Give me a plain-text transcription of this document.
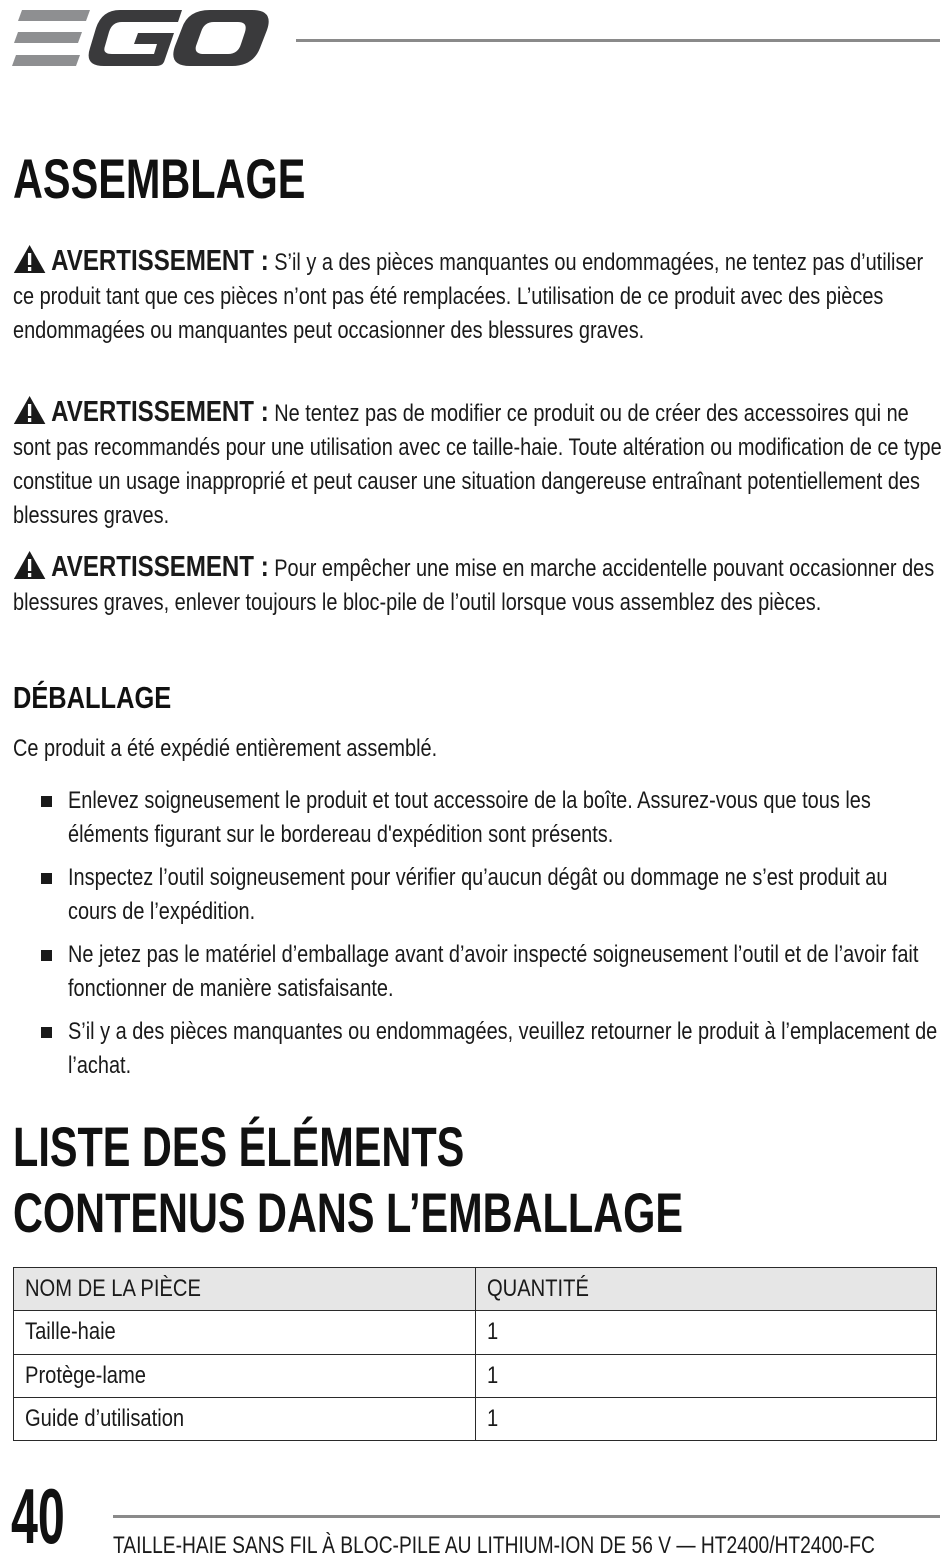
ASSEMBLAGE

AVERTISSEMENT : S’il y a des pièces manquantes ou endommagées, ne tentez pas d’utiliser ce produit tant que ces pièces n’ont pas été remplacées. L’utilisation de ce produit avec des pièces endommagées ou manquantes peut occasionner des blessures graves.

AVERTISSEMENT : Ne tentez pas de modifier ce produit ou de créer des accessoires qui ne sont pas recommandés pour une utilisation avec ce taille-haie. Toute altération ou modification de ce type constitue un usage inapproprié et peut causer une situation dangereuse entraînant potentiellement des blessures graves.

AVERTISSEMENT : Pour empêcher une mise en marche accidentelle pouvant occasionner des blessures graves, enlever toujours le bloc-pile de l’outil lorsque vous assemblez des pièces.

DÉBALLAGE

Ce produit a été expédié entièrement assemblé.

Enlevez soigneusement le produit et tout accessoire de la boîte. Assurez-vous que tous les éléments figurant sur le bordereau d'expédition sont présents.

Inspectez l’outil soigneusement pour vérifier qu’aucun dégât ou dommage ne s’est produit au cours de l’expédition.

Ne jetez pas le matériel d’emballage avant d’avoir inspecté soigneusement l’outil et de l’avoir fait fonctionner de manière satisfaisante.

S’il y a des pièces manquantes ou endommagées, veuillez retourner le produit à l’emplacement de l’achat.

LISTE DES ÉLÉMENTS
CONTENUS DANS L’EMBALLAGE
NOM DE LA PIÈCE	QUANTITÉ
Taille-haie	1
Protège-lame	1
Guide d’utilisation	1

40 TAILLE-HAIE SANS FIL À BLOC-PILE AU LITHIUM-ION DE 56 V — HT2400/HT2400-FC
